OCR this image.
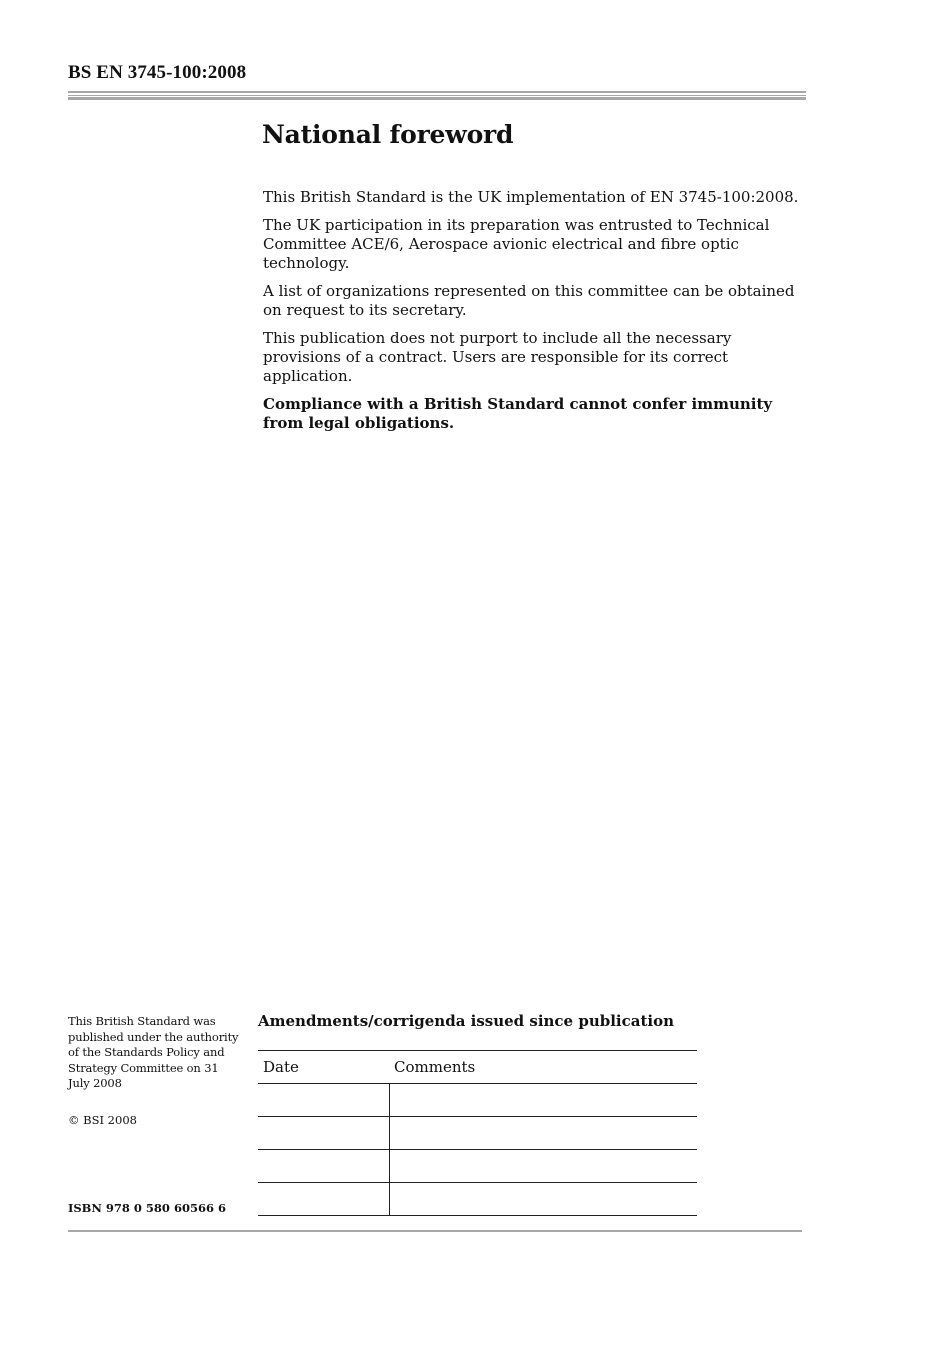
BS EN 3745-100:2008
National foreword

This British Standard is the UK implementation of EN 3745-100:2008.

The UK participation in its preparation was entrusted to Technical Committee ACE/6, Aerospace avionic electrical and fibre optic technology.

A list of organizations represented on this committee can be obtained on request to its secretary.

This publication does not purport to include all the necessary provisions of a contract. Users are responsible for its correct application.

Compliance with a British Standard cannot confer immunity from legal obligations.

This British Standard was published under the authority of the Standards Policy and Strategy Committee on 31 July 2008
© BSI 2008
ISBN 978 0 580 60566 6
Amendments/corrigenda issued since publication
Date	Comments
